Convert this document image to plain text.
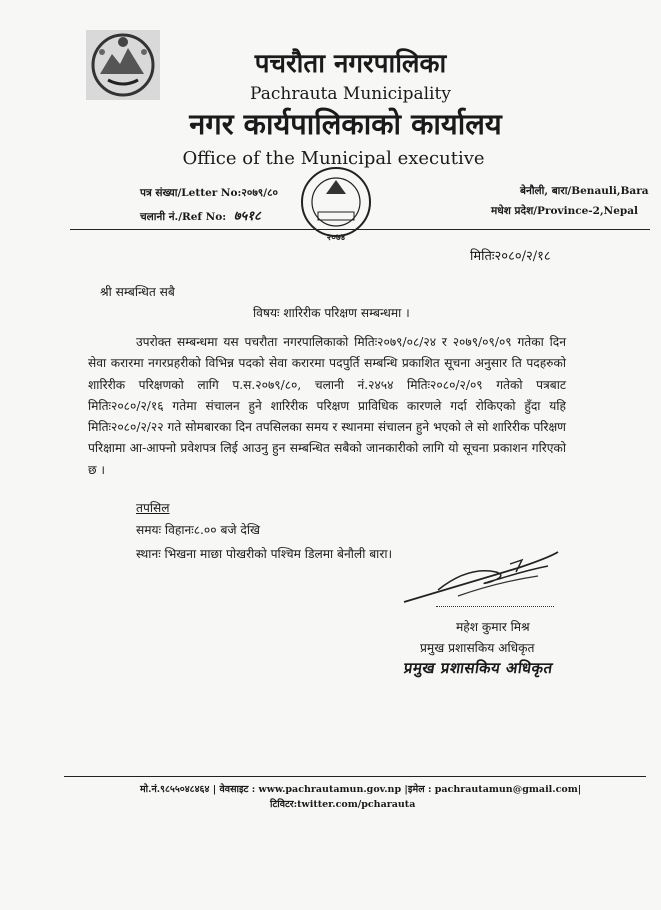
पचरौता नगरपालिका
Pachrauta Municipality
नगर कार्यपालिकाको कार्यालय
Office of the Municipal executive
पत्र संख्या/Letter No:२०७९/८०
चलानी नं./Ref No: ७५१८
२०७४
बेनौली, बारा/Benauli,Bara
मधेश प्रदेश/Province-2,Nepal
मितिः२०८०/२/१८
श्री सम्बन्धित सबै
विषयः शारिरीक परिक्षण सम्बन्धमा ।
उपरोक्त सम्बन्धमा यस पचरौता नगरपालिकाको मितिः२०७९/०८/२४ र २०७९/०९/०९ गतेका दिन सेवा करारमा नगरप्रहरीको विभिन्न पदको सेवा करारमा पदपुर्ति सम्बन्धि प्रकाशित सूचना अनुसार ति पदहरुको शारिरीक परिक्षणको लागि प.स.२०७९/८०, चलानी नं.२४५४ मितिः२०८०/२/०९ गतेको पत्रबाट मितिः२०८०/२/१६ गतेमा संचालन हुने शारिरीक परिक्षण प्राविधिक कारणले गर्दा रोकिएको हुँदा यहि मितिः२०८०/२/२२ गते सोमबारका दिन तपसिलका समय र स्थानमा संचालन हुने भएको ले सो शारिरीक परिक्षण परिक्षामा आ-आफ्नो प्रवेशपत्र लिई आउनु हुन सम्बन्धित सबैको जानकारीको लागि यो सूचना प्रकाशन गरिएको छ ।
तपसिल
समयः विहानः८.०० बजे देखि
स्थानः भिखना माछा पोखरीको पश्चिम डिलमा बेनौली बारा।
महेश कुमार मिश्र
प्रमुख प्रशासकिय अधिकृत
प्रमुख प्रशासकिय अधिकृत
मो.नं.९८५५०४८४६४ | वेवसाइट : www.pachrautamun.gov.np |इमेल : pachrautamun@gmail.com|
टिविटर:twitter.com/pcharauta
